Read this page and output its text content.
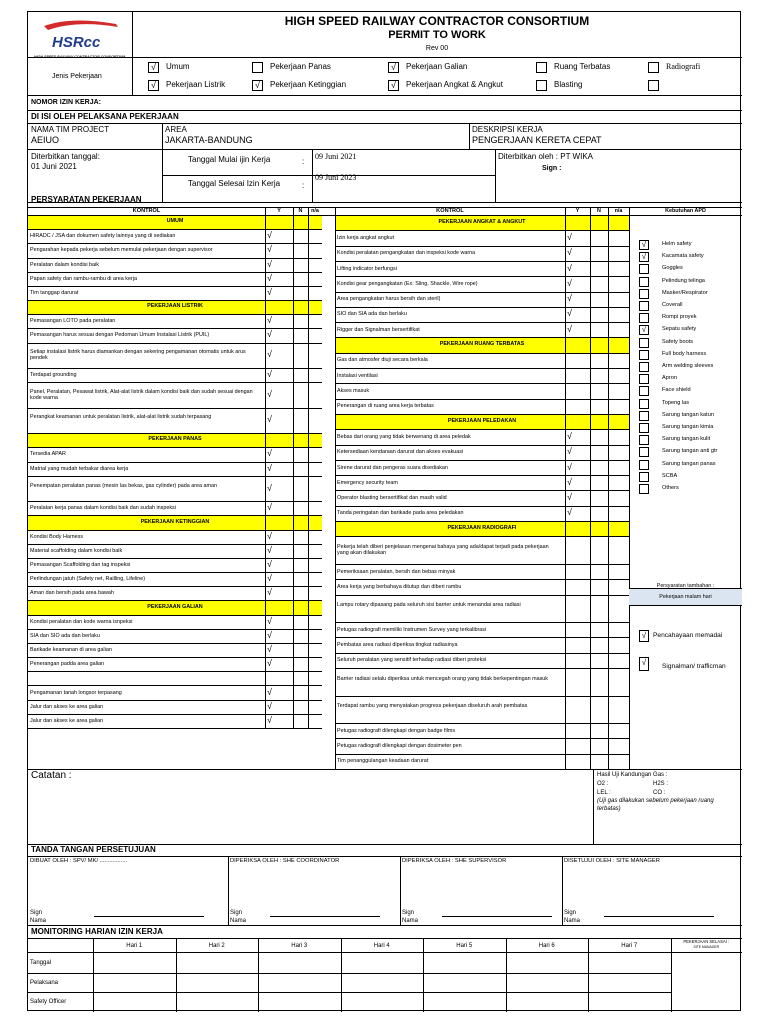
HSRcc
HIGH SPEED RAILWAY CONTRACTOR CONSORTIUM
HIGH SPEED RAILWAY CONTRACTOR CONSORTIUM
PERMIT TO WORK
Rev 00
Jenis Pekerjaan
√	Umum	Pekerjaan Panas	√	Pekerjaan Galian	Ruang Terbatas	Radiografi
√	Pekerjaan Listrik	√	Pekerjaan Ketinggian	√	Pekerjaan Angkat & Angkut	Blasting
NOMOR IZIN KERJA:
DI ISI OLEH PELAKSANA PEKERJAAN
NAMA TIM PROJECT
AEIUO
AREA
JAKARTA-BANDUNG
DESKRIPSI KERJA
PENGERJAAN KERETA CEPAT
Diterbitkan tanggal:
01 Juni 2021
Tanggal Mulai ijin Kerja	:
09 Juni 2021
Tanggal Selesai Izin Kerja	:
09 Juni 2023
Diterbitkan oleh : PT WIKA
Sign :
PERSYARATAN PEKERJAAN
KONTROL	KONTROL
Y	N	n/a	Y	N	n/a	Kebutuhan APD
UMUM
HIRADC / JSA dan dokumen safety lainnya yang di sediakan	√
Pengarahan kepada pekerja sebelum memulai pekerjaan dengan supervisor	√
Peralatan dalam kondisi baik	√
Papan safety dan rambu-rambu di area kerja	√
Tim tanggap darurat	√
PEKERJAAN LISTRIK
Pemasangan LOTO pada peralatan	√
Pemasangan harus sesuai dengan Pedoman Umum Instalasi Listrik (PUIL)	√
Setiap instalasi listrik harus diamankan dengan sekering pengamanan otomatis untuk arus pendek	√
Terdapat grounding	√
Panel, Peralatan, Pesawat listrik, Alat-alat listrik dalam kondisi baik dan sudah sesuai dengan kode warna	√
Perangkat keamanan untuk peralatan listrik, alat-alat listrik sudah terpasang	√
PEKERJAAN PANAS
Tersedia APAR	√
Matrial yang mudah terbakar diarea kerja	√
Penempatan peralatan panas (mesin las bekas, gas cylinder) pada area aman	√
Peralatan kerja panas dalam kondisi baik dan sudah inspeksi	√
PEKERJAAN KETINGGIAN
Kondisi Body Harness	√
Material scaffolding dalam kondisi baik	√
Pemasangan Scaffolding dan tag inspeksi	√
Perlindungan jatuh (Safety net, Railling, Lifeline)	√
Aman dan bersih pada area bawah	√
PEKERJAAN GALIAN
Kondisi peralatan dan kode warna isnpeksi	√
SIA dan SIO ada dan berlaku	√
Barikade keamanan di area galian	√
Penerangan padda area galian	√
Pengamanan tanah longsor terpasang	√
Jalur dan akses ke area galian	√
Jalur dan akses ke area galian	√
PEKERJAAN ANGKAT & ANGKUT
Izin kerja angkat angkut	√
Kondisi peralatan pengangkatan dan inspeksi kode warna	√
Lifting indicator berfungsi	√
Kondisi gear pengangkatan (Ex: Sling, Shackle, Wire rope)	√
Area pengangkatan harus bersih dan steril)	√
SIO dan SIA ada dan berlaku	√
Rigger dan Signalman bersertifikat	√
PEKERJAAN RUANG TERBATAS
Gas dan atmosfer diuji secara berkala
Instalasi ventilasi
Akses masuk
Penerangan di ruang area kerja terbatas
PEKERJAAN PELEDAKAN
Bebas dari orang yang tidak berwenang di area peledak	√
Ketersediaan kendaraan darurat dan akses evakuasi	√
Sirene darurat dan pengeras suara disediakan	√
Emergency security team	√
Operator blasting bersertifikat dan masih valid	√
Tanda peringatan dan barikade pada area peledakan	√
PEKERJAAN RADIOGRAFI
Pekerja telah diberi penjelasan mengenai bahaya yang ada/dapat terjadi pada pekerjaan yang akan dilakukan
Pemeriksaan peralatan, bersih dan bebas minyak
Area kerja yang berbahaya ditutup dan diberi rambu
Lampu rotary dipasang pada seluruh sisi barrier untuk menandai area radiasi
Petugas radiografi memiliki Instrumen Survey yang terkalibrasi
Pembatas area radiasi diperiksa tingkat radiasinya
Seluruh peralatan yang sensitif terhadap radiasi diberi proteksi
Barrier radiasi selalu diperiksa untuk mencegah orang yang tidak berkepentingan masuk
Terdapat rambu yang menyatakan progress pekerjaan diseluruh arah pembatas
Petugas radiografi dilengkapi dengan badge films
Petugas radiografi dilengkapi dengan dosimeter pen
Tim penanggulangan keadaan darurat
√	Helm safety
√	Kacamata safety
Goggles
Pelindung telinga
Masker/Respirator
Coverall
Rompi proyek
√	Sepatu safety
Safety boots
Full body harness
Arm welding sleeves
Apron
Face shield
Topeng las
Sarung tangan katun
Sarung tangan kimia
Sarung tangan kulit
Sarung tangan anti gtr
Sarung tangan panas
SCBA
Others
Persyaratan tambahan :
Pekerjaan malam hari
√	Pencahayaan memadai
√	Signalman/ trafficman
Catatan :	Hasil Uji Kandungan Gas :
O2 :	H2S :
LEL :	CO :
(Uji gas dilakukan sebelum pekerjaan ruang terbatas)
TANDA TANGAN PERSETUJUAN
DIBUAT OLEH : SPV/ MK/ .................
Sign
Nama
DIPERIKSA OLEH : SHE COORDINATOR
Sign
Nama
DIPERIKSA OLEH : SHE SUPERVISOR
Sign
Nama
DISETUJUI OLEH : SITE MANAGER
Sign
Nama
MONITORING HARIAN IZIN KERJA
Hari 1	Hari 2	Hari 3	Hari 4	Hari 5	Hari 6	Hari 7
PEKERJAAN SELASAI :
SITE MANAGER
Tanggal
Pelaksana
Safety Officer
